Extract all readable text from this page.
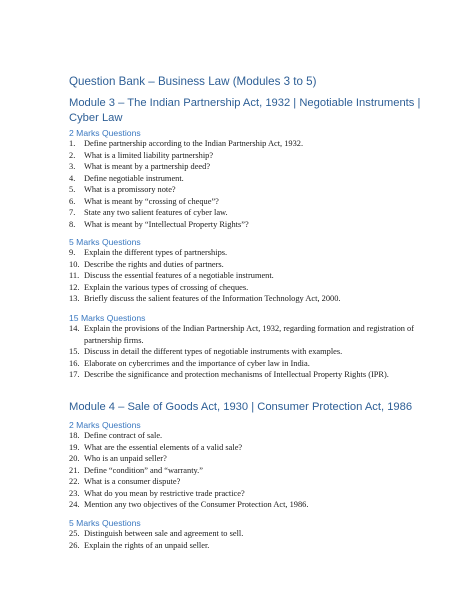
Question Bank – Business Law (Modules 3 to 5)
Module 3 – The Indian Partnership Act, 1932 | Negotiable Instruments | Cyber Law
2 Marks Questions
1.	Define partnership according to the Indian Partnership Act, 1932.
2.	What is a limited liability partnership?
3.	What is meant by a partnership deed?
4.	Define negotiable instrument.
5.	What is a promissory note?
6.	What is meant by “crossing of cheque”?
7.	State any two salient features of cyber law.
8.	What is meant by “Intellectual Property Rights”?
5 Marks Questions
9.	Explain the different types of partnerships.
10. Describe the rights and duties of partners.
11. Discuss the essential features of a negotiable instrument.
12. Explain the various types of crossing of cheques.
13. Briefly discuss the salient features of the Information Technology Act, 2000.
15 Marks Questions
14. Explain the provisions of the Indian Partnership Act, 1932, regarding formation and registration of partnership firms.
15. Discuss in detail the different types of negotiable instruments with examples.
16. Elaborate on cybercrimes and the importance of cyber law in India.
17. Describe the significance and protection mechanisms of Intellectual Property Rights (IPR).
Module 4 – Sale of Goods Act, 1930 | Consumer Protection Act, 1986
2 Marks Questions
18. Define contract of sale.
19. What are the essential elements of a valid sale?
20. Who is an unpaid seller?
21. Define “condition” and “warranty.”
22. What is a consumer dispute?
23. What do you mean by restrictive trade practice?
24. Mention any two objectives of the Consumer Protection Act, 1986.
5 Marks Questions
25. Distinguish between sale and agreement to sell.
26. Explain the rights of an unpaid seller.
